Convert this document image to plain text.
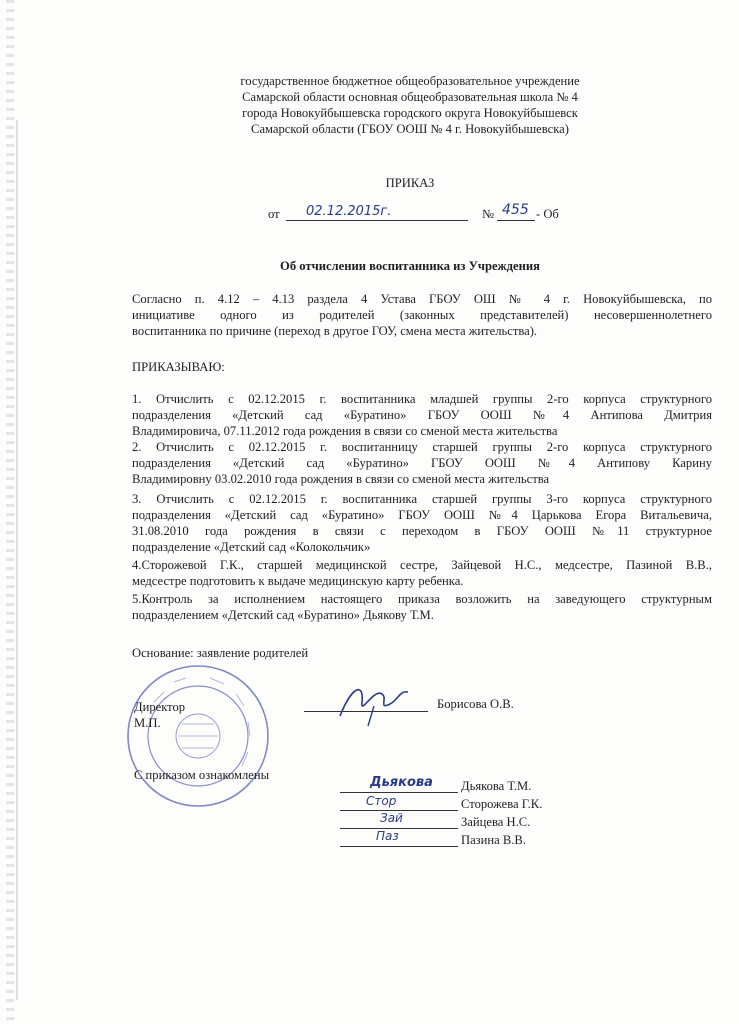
государственное бюджетное общеобразовательное учреждение
Самарской области основная общеобразовательная школа № 4
города Новокуйбышевска городского округа Новокуйбышевск
Самарской области (ГБОУ ООШ № 4 г. Новокуйбышевска)
ПРИКАЗ
от 02.12.2015г.	№ 455 - Об
Об отчислении воспитанника из Учреждения
Согласно п. 4.12 – 4.13 раздела 4 Устава ГБОУ ОШ № 4 г. Новокуйбышевска, по
инициативе одного из родителей (законных представителей) несовершеннолетнего
воспитанника по причине (переход в другое ГОУ, смена места жительства).
ПРИКАЗЫВАЮ:
1. Отчислить с 02.12.2015 г. воспитанника младшей группы 2-го корпуса структурного
подразделения «Детский сад «Буратино» ГБОУ ООШ №4 Антипова Дмитрия
Владимировича, 07.11.2012 года рождения в связи со сменой места жительства
2. Отчислить с 02.12.2015 г. воспитанницу старшей группы 2-го корпуса структурного
подразделения «Детский сад «Буратино» ГБОУ ООШ №4 Антипову Карину
Владимировну 03.02.2010 года рождения в связи со сменой места жительства
3. Отчислить с 02.12.2015 г. воспитанника старшей группы 3-го корпуса структурного
подразделения «Детский сад «Буратино» ГБОУ ООШ №4 Царькова Егора Витальевича,
31.08.2010 года рождения в связи с переходом в ГБОУ ООШ №11 структурное
подразделение «Детский сад «Колокольчик»
4.Сторожевой Г.К., старшей медицинской сестре, Зайцевой Н.С., медсестре, Пазиной В.В.,
медсестре подготовить к выдаче медицинскую карту ребенка.
5.Контроль за исполнением настоящего приказа возложить на заведующего структурным
подразделением «Детский сад «Буратино» Дьякову Т.М.
Основание: заявление родителей
Директор
М.П.
Борисова О.В.
С приказом ознакомлены	Дьякова Дьякова Т.М.
Стор	Сторожева Г.К.
Зай	Зайцева Н.С.
Паз	Пазина В.В.
